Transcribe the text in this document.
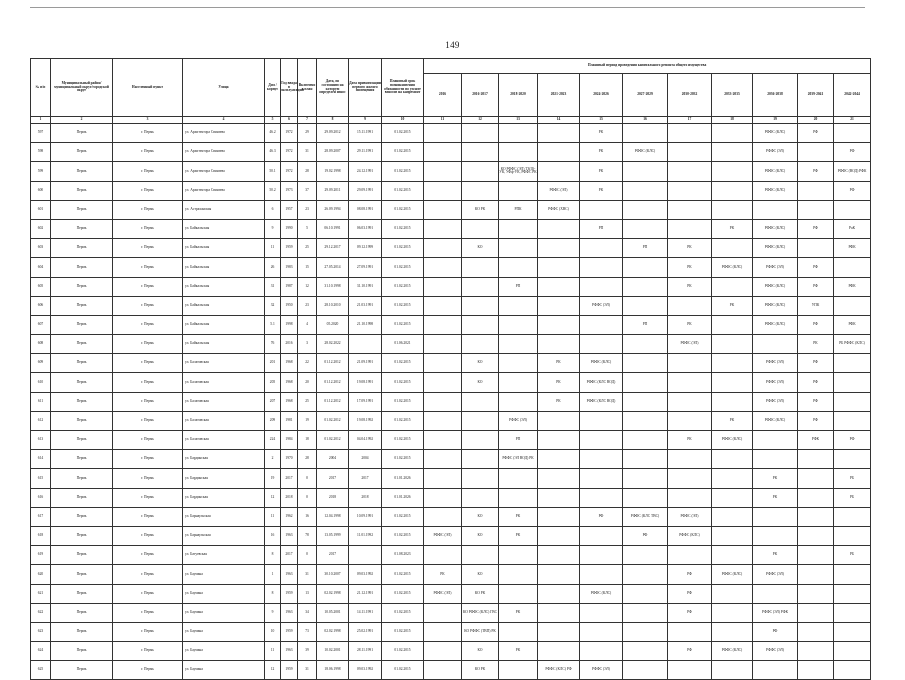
149
№ п/п	Муниципальный район/ муниципальный округ/городской округ	Населенный пункт	Улица	Дом / корпус	Год ввода в эксплуатацию	Включено в план	Дата, по состоянию на которую определен износ	Дата приватизации первого жилого помещения	Плановый срок возникновения обязанности по уплате взносов на капремонт	Плановый период проведения капитального ремонта общего имущества										
										2016	2016-2017	2018-2020	2021-2023	2024-2026	2027-2029	2030-2032	2033-2035	2036-2038	2039-2041	2042-2044
1	2	3	4	5	6	7	8	9	10	11	12	13	14	15	16	17	18	19	20	21
597	Пермь	г. Пермь	ул. Архитектора Свиязева	46.2	1972	29	29.09.2012	15.11.1991	01.02.2015					РК				РФФС (КЛС)	РФ	
598	Пермь	г. Пермь	ул. Архитектора Свиязева	46.3	1972	31	28.09.2007	29.11.1991	01.02.2015					РК	РФФС (КЛС)			РФФС (ЭЛ)		РФ
599	Пермь	г. Пермь	ул. Архитектора Свиязева	50.1	1972	28	19.02.1998	24.12.1991	01.02.2015			КО РФФС (ЭЛ) ТЗ(II)-УК, УФф-УК, РФФС РК		РК				РФФС (КЛС)	РФ	РФФС (ВОД) РФК
600	Пермь	г. Пермь	ул. Архитектора Свиязева	50.2	1973	37	29.09.2011	29.09.1991	01.02.2015				РФФС (ЭЛ)	РК				РФФС (КЛС)		РФ
601	Пермь	г. Пермь	ул. Астраханская	6	1957	23	26.09.1994	08.08.1991	01.02.2015		КО РК	РПК	РФФС (ХВС)							
602	Пермь	г. Пермь	ул. Байкальская	9	1990	5	06.10.1991	06.03.1991	01.02.2015					РП			РК	РФФС (КЛС)	РФ	РаК
603	Пермь	г. Пермь	ул. Байкальская	11	1959	25	29.12.2017	09.12.1999	01.02.2015		КО				РП	РК		РФФС (КЛС)		РФК
604	Пермь	г. Пермь	ул. Байкальская	26	1983	15	27.05.2014	27.09.1991	01.02.2015							РК	РФФС (КЛС)	РФФС (ЭЛ)	РФ	
605	Пермь	г. Пермь	ул. Байкальская	31	1987	12	31.10.1998	31.10.1991	01.02.2015			РП				РК		РФФС (КЛС)	РФ	РФК
606	Пермь	г. Пермь	ул. Байкальская	32	1950	23	28.10.2010	21.03.1991	01.02.2015					РФФС (ЭЛ)			РК	РФФС (КЛС)	УПК	
607	Пермь	г. Пермь	ул. Байкальская	5.1	1998	4	05.2020	21.10.1998	01.02.2015						РП	РК		РФФС (КЛС)	РФ	РФК
608	Пермь	г. Пермь	ул. Байкальская	76	2016	3	28.02.2022		01.06.2021							РФФС (ЭЛ)			РК	РБ РФФС (КЛС)
609	Пермь	г. Пермь	ул. Балатовская	201	1968	22	01.12.2012	21.09.1991	01.02.2015		КО		РК	РФФС (КЛС)				РФФС (ЭЛ)	РФ	
610	Пермь	г. Пермь	ул. Балатовская	205	1968	20	01.12.2012	19.08.1991	01.02.2015		КО		РК	РФФС (КЛС ВОД)				РФФС (ЭЛ)	РФ	
611	Пермь	г. Пермь	ул. Балатовская	207	1968	25	01.12.2012	17.09.1991	01.02.2015				РК	РФФС (КЛС ВОД)				РФФС (ЭЛ)	РФ	
612	Пермь	г. Пермь	ул. Балатовская	209	1981	19	01.02.2012	19.08.1992	01.02.2015			РФФС (ЭЛ)					РК	РФФС (КЛС)	РФ	
613	Пермь	г. Пермь	ул. Балатовская	224	1984	18	01.02.2012	04.04.1992	01.02.2015			РП				РК	РФФС (КЛС)		РФК	РФ
614	Пермь	г. Пермь	ул. Бардинская	2	1970	28	2004	2004	01.02.2015			РФФС (ЭЛ ВОД) РК								
615	Пермь	г. Пермь	ул. Бардинская	19	2017	0	2017	2017	01.01.2026									РК		РБ
616	Пермь	г. Пермь	ул. Бардинская	12	2018	0	2018	2018	01.01.2026									РК		РБ
617	Пермь	г. Пермь	ул. Барнаульская	11	1962	16	12.04.1998	10.09.1991	01.02.2015		КО	РК		РФ	РФФС (КЛС ТВС)	РФФС (ЭЛ)				
618	Пермь	г. Пермь	ул. Барнаульская	16	1963	78	13.05.1999	11.01.1992	01.02.2015	РФФС (ЭЛ)	КО	РК			РФ	РФФС (КЛС)				
619	Пермь	г. Пермь	ул. Батуевская	8	2017	0	2017		01.08.2023									РК		РБ
620	Пермь	г. Пермь	ул. Баумана	1	1963	31	30.10.2007	09.03.1992	01.02.2015	РК	КО					РФ	РФФС (КЛС)	РФФС (ЭЛ)		
621	Пермь	г. Пермь	ул. Баумана	8	1959	13	02.02.1998	21.12.1991	01.02.2015	РФФС (ЭЛ)	КО РК			РФФС (КЛС)		РФ				
622	Пермь	г. Пермь	ул. Баумана	9	1963	34	10.05.2001	14.11.1991	01.02.2015		КО РФФС (КЛС) ГВС	РК				РФ		РФФС (ЭЛ) РФК		
623	Пермь	г. Пермь	ул. Баумана	10	1959	73	02.02.1998	25.02.1991	01.02.2015		КО РФФС (ТВП) РК							РФ		
624	Пермь	г. Пермь	ул. Баумана	11	1963	39	10.02.2001	28.11.1991	01.02.2015		КО	РК				РФ	РФФС (КЛС)	РФФС (ЭЛ)		
625	Пермь	г. Пермь	ул. Баумана	12	1959	31	18.06.1998	09.03.1992	01.02.2015		КО РК		РФФС (КЛС) РФ	РФФС (ЭЛ)						
